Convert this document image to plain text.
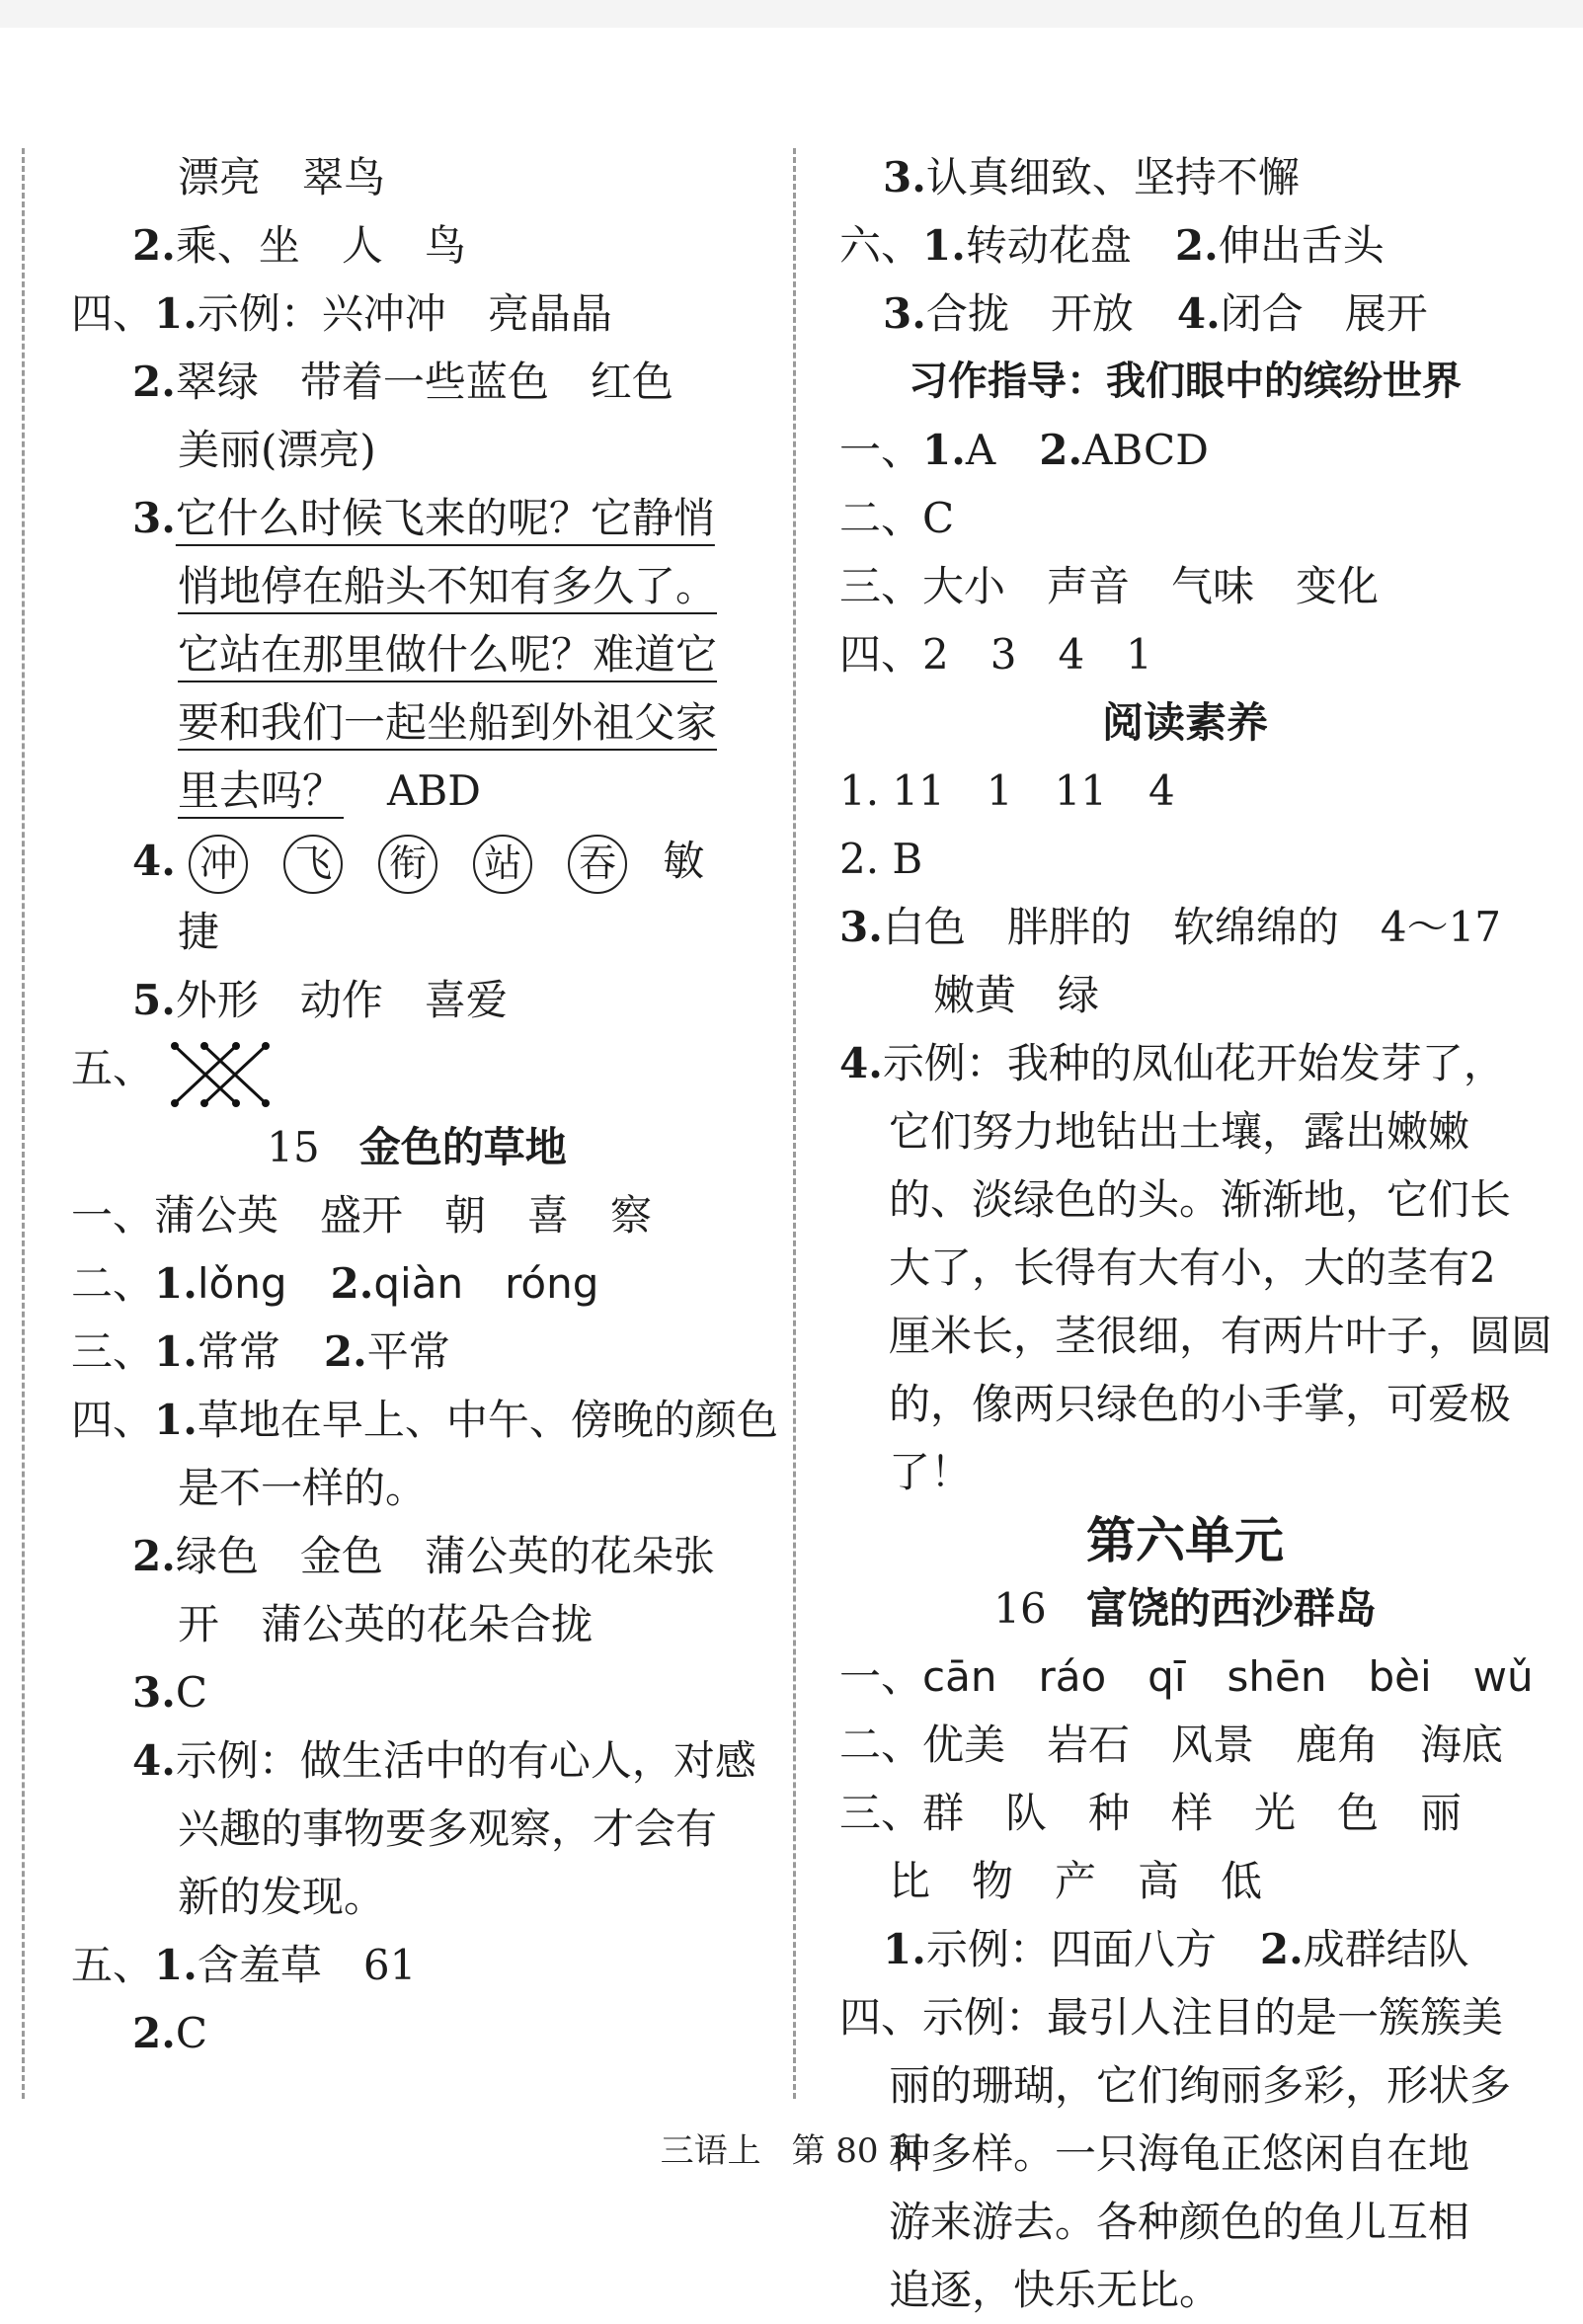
漂亮　翠鸟
2.乘、坐　人　鸟
四、1.示例：兴冲冲　亮晶晶
2.翠绿　带着一些蓝色　红色
美丽(漂亮)
3.它什么时候飞来的呢？它静悄
悄地停在船头不知有多久了。
它站在那里做什么呢？难道它
要和我们一起坐船到外祖父家
里去吗？ ABD
4. 冲 飞 衔 站 吞 敏
捷
5.外形　动作　喜爱
五、
15 金色的草地
一、蒲公英　盛开　朝　喜　察
二、1.lǒng 2.qiàn　róng
三、1.常常 2.平常
四、1.草地在早上、中午、傍晚的颜色
是不一样的。
2.绿色　金色　蒲公英的花朵张
开　蒲公英的花朵合拢
3.C
4.示例：做生活中的有心人，对感
兴趣的事物要多观察，才会有
新的发现。
五、1.含羞草　61
2.C
3.认真细致、坚持不懈
六、1.转动花盘 2.伸出舌头
3.合拢　开放 4.闭合　展开
习作指导：我们眼中的缤纷世界
一、1.A 2.ABCD
二、C
三、大小　声音　气味　变化
四、2　3　4　1
阅读素养
1. 11　1　11　4
2. B
3.白色　胖胖的　软绵绵的　4～17
嫩黄　绿
4.示例：我种的凤仙花开始发芽了，
它们努力地钻出土壤，露出嫩嫩
的、淡绿色的头。渐渐地，它们长
大了，长得有大有小，大的茎有2
厘米长，茎很细，有两片叶子，圆圆
的，像两只绿色的小手掌，可爱极
了！
第六单元
16 富饶的西沙群岛
一、cān　ráo　qī　shēn　bèi　wǔ
二、优美　岩石　风景　鹿角　海底
三、群　队　种　样　光　色　丽
比　物　产　高　低
1.示例：四面八方 2.成群结队
四、示例：最引人注目的是一簇簇美
丽的珊瑚，它们绚丽多彩，形状多
种多样。一只海龟正悠闲自在地
游来游去。各种颜色的鱼儿互相
追逐，快乐无比。
三语上 第 80 页
